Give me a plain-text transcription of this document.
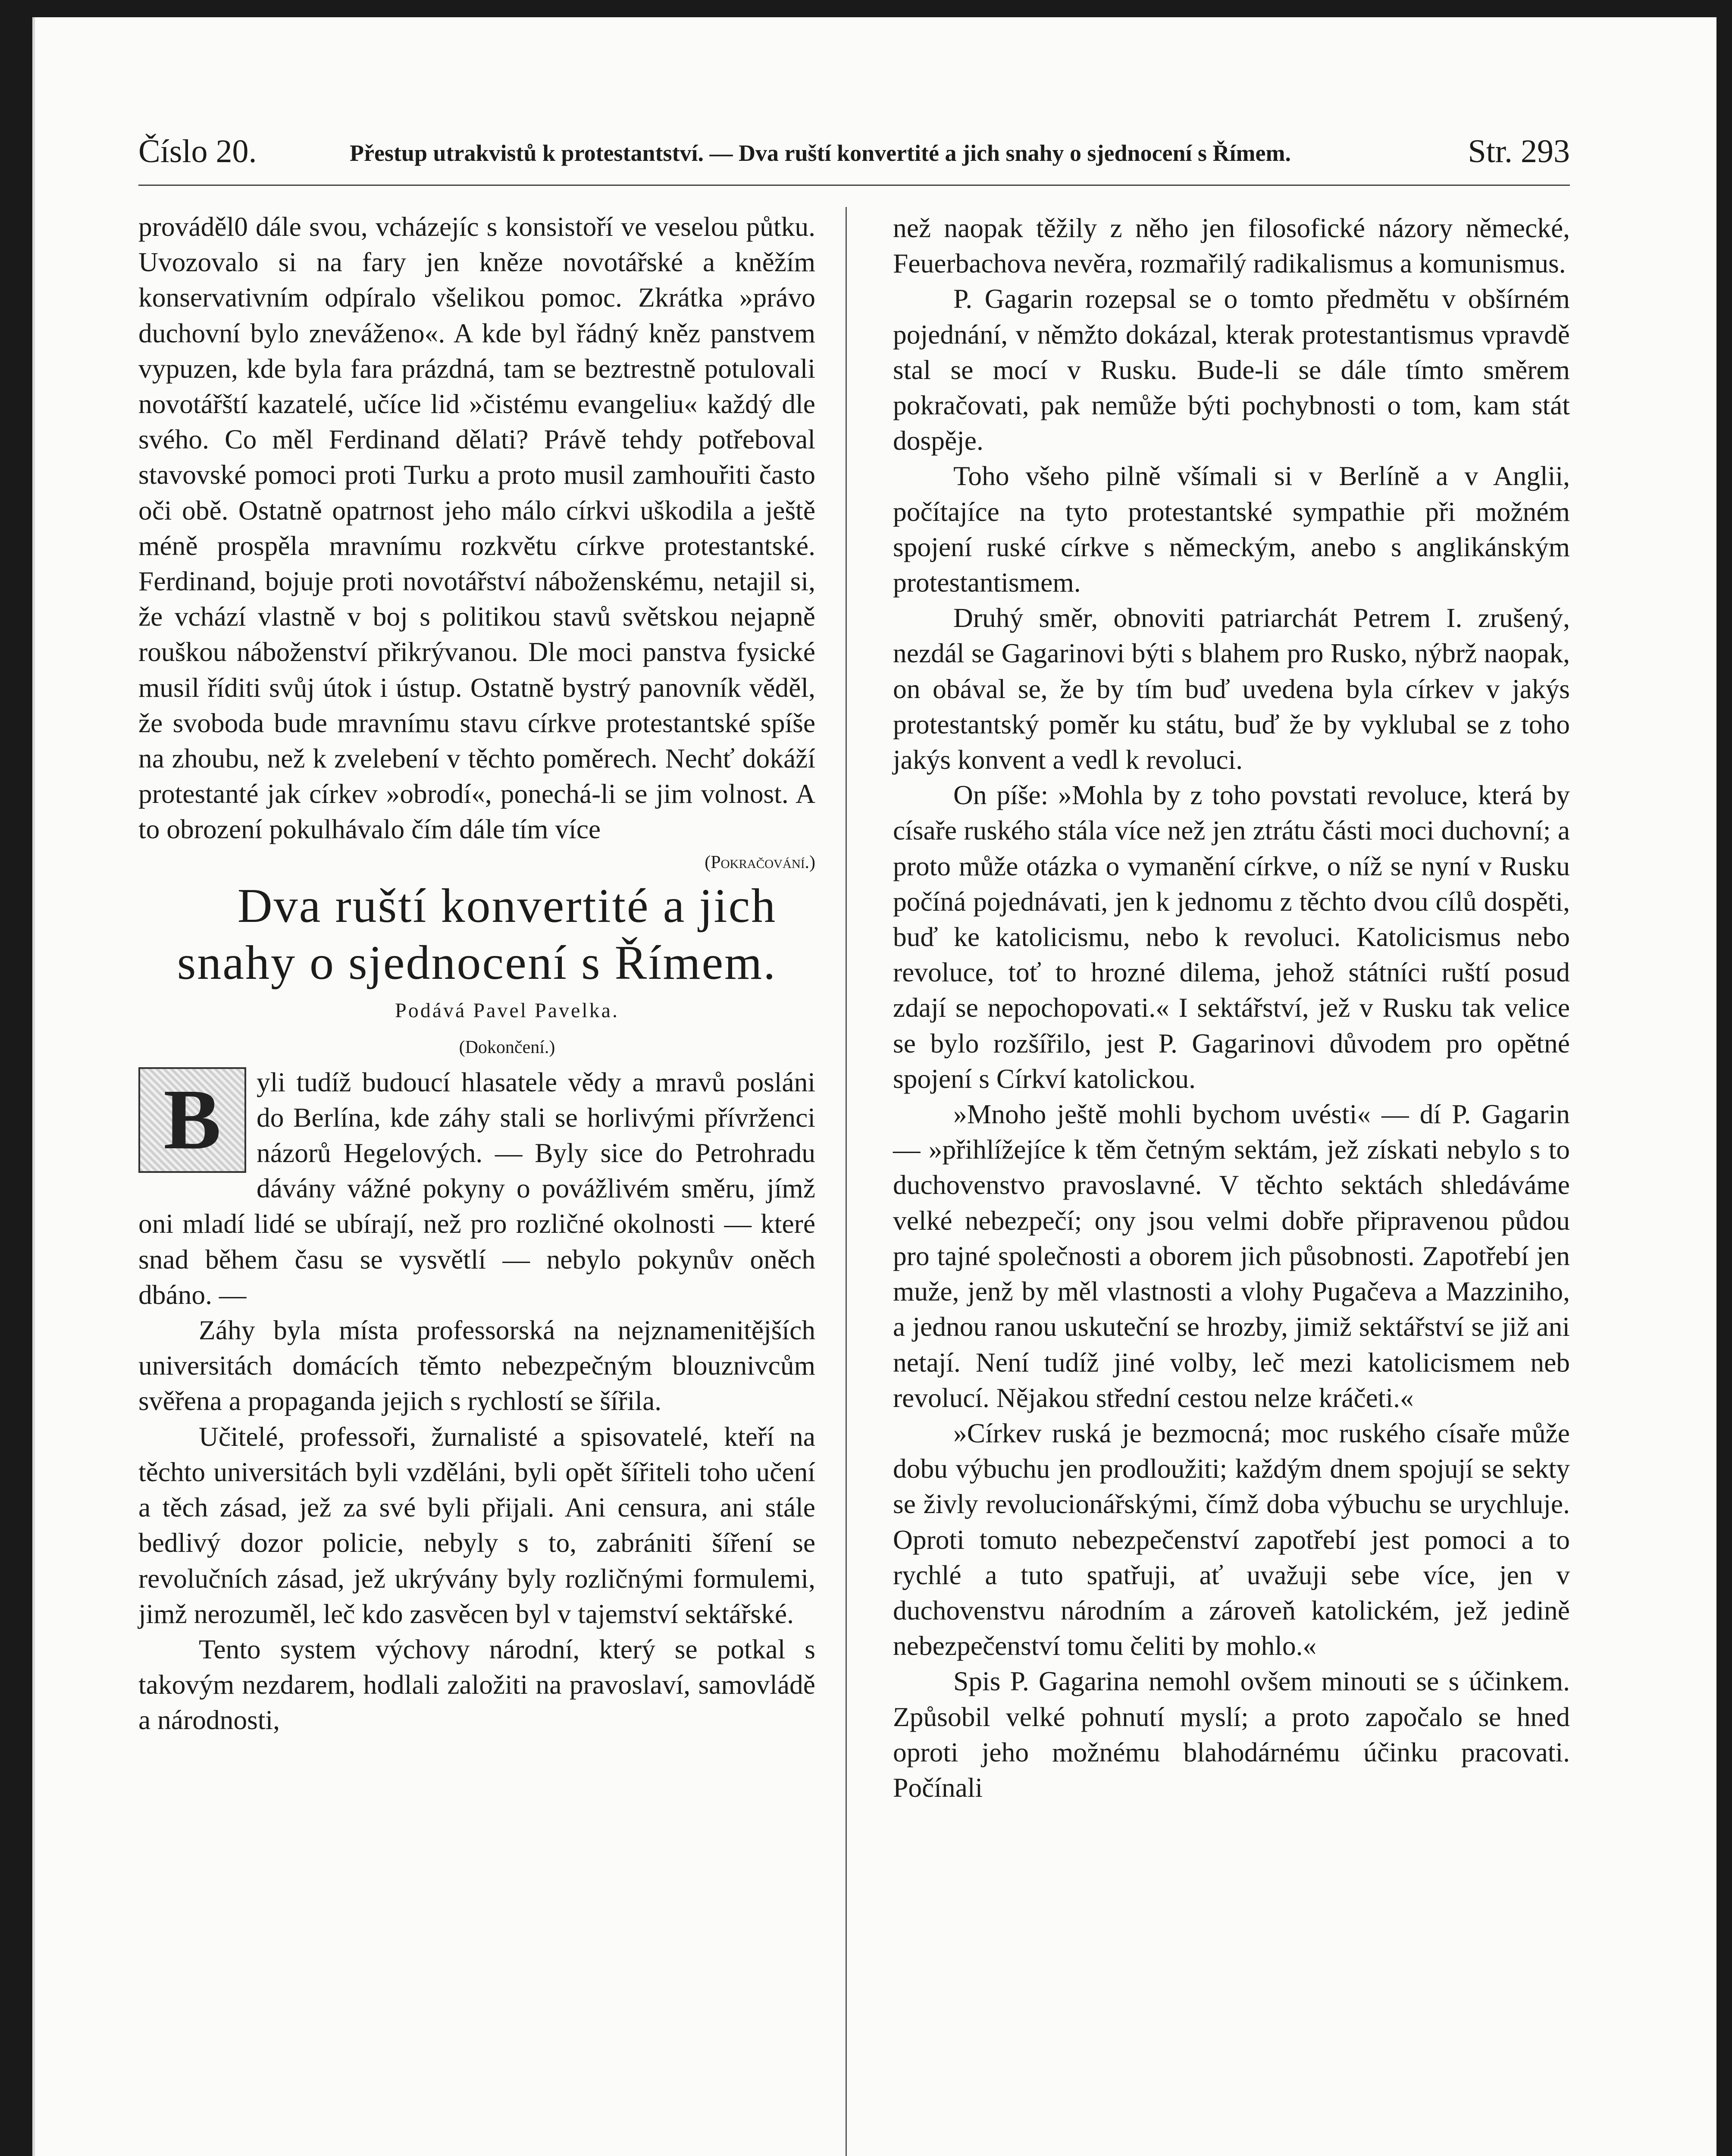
Číslo 20.	Přestup utrakvistů k protestantství. — Dva ruští konvertité a jich snahy o sjednocení s Římem.	Str. 293

prováděl0 dále svou, vcházejíc s konsistoří ve veselou půtku. Uvozovalo si na fary jen kněze novotářské a kněžím konservativním odpíralo všelikou pomoc. Zkrátka »právo duchovní bylo zneváženo«. A kde byl řádný kněz panstvem vypuzen, kde byla fara prázdná, tam se beztrestně potulovali novotářští kazatelé, učíce lid »čistému evangeliu« každý dle svého. Co měl Ferdinand dělati? Právě tehdy potřeboval stavovské pomoci proti Turku a proto musil zamhouřiti často oči obě. Ostatně opatrnost jeho málo církvi uškodila a ještě méně prospěla mravnímu rozkvětu církve protestantské. Ferdinand, bojuje proti novotářství náboženskému, netajil si, že vchází vlastně v boj s politikou stavů světskou nejapně rouškou náboženství přikrývanou. Dle moci panstva fysické musil říditi svůj útok i ústup. Ostatně bystrý panovník věděl, že svoboda bude mravnímu stavu církve protestantské spíše na zhoubu, než k zvelebení v těchto poměrech. Nechť dokáží protestanté jak církev »obrodí«, ponechá-li se jim volnost. A to obrození pokulhávalo čím dále tím více

(Pokračování.)

Dva ruští konvertité a jich snahy o sjednocení s Římem.

Podává Pavel Pavelka.

(Dokončení.)

B	yli tudíž budoucí hlasatele vědy a mravů posláni do Berlína, kde záhy stali se horlivými přívrženci názorů Hegelových. — Byly sice do Petrohradu dávány vážné pokyny o povážlivém směru, jímž oni mladí lidé se ubírají, než pro rozličné okolnosti — které snad během času se vysvětlí — nebylo pokynův oněch dbáno. —

Záhy byla místa professorská na nejznamenitějších universitách domácích těmto nebezpečným blouznivcům svěřena a propaganda jejich s rychlostí se šířila.

Učitelé, professoři, žurnalisté a spisovatelé, kteří na těchto universitách byli vzděláni, byli opět šířiteli toho učení a těch zásad, jež za své byli přijali. Ani censura, ani stále bedlivý dozor policie, nebyly s to, zabrániti šíření se revolučních zásad, jež ukrývány byly rozličnými formulemi, jimž nerozuměl, leč kdo zasvěcen byl v tajemství sektářské.

Tento system výchovy národní, který se potkal s takovým nezdarem, hodlali založiti na pravoslaví, samovládě a národnosti,

než naopak těžily z něho jen filosofické názory německé, Feuerbachova nevěra, rozmařilý radikalismus a komunismus.

P. Gagarin rozepsal se o tomto předmětu v obšírném pojednání, v němžto dokázal, kterak protestantismus vpravdě stal se mocí v Rusku. Bude-li se dále tímto směrem pokračovati, pak nemůže býti pochybnosti o tom, kam stát dospěje.

Toho všeho pilně všímali si v Berlíně a v Anglii, počítajíce na tyto protestantské sympathie při možném spojení ruské církve s německým, anebo s anglikánským protestantismem.

Druhý směr, obnoviti patriarchát Petrem I. zrušený, nezdál se Gagarinovi býti s blahem pro Rusko, nýbrž naopak, on obával se, že by tím buď uvedena byla církev v jakýs protestantský poměr ku státu, buď že by vyklubal se z toho jakýs konvent a vedl k revoluci.

On píše: »Mohla by z toho povstati revoluce, která by císaře ruského stála více než jen ztrátu části moci duchovní; a proto může otázka o vymanění církve, o níž se nyní v Rusku počíná pojednávati, jen k jednomu z těchto dvou cílů dospěti, buď ke katolicismu, nebo k revoluci. Katolicismus nebo revoluce, toť to hrozné dilema, jehož státníci ruští posud zdají se nepochopovati.« I sektářství, jež v Rusku tak velice se bylo rozšířilo, jest P. Gagarinovi důvodem pro opětné spojení s Církví katolickou.

»Mnoho ještě mohli bychom uvésti« — dí P. Gagarin — »přihlížejíce k těm četným sektám, jež získati nebylo s to duchovenstvo pravoslavné. V těchto sektách shledáváme velké nebezpečí; ony jsou velmi dobře připravenou půdou pro tajné společnosti a oborem jich působnosti. Zapotřebí jen muže, jenž by měl vlastnosti a vlohy Pugačeva a Mazziniho, a jednou ranou uskuteční se hrozby, jimiž sektářství se již ani netají. Není tudíž jiné volby, leč mezi katolicismem neb revolucí. Nějakou střední cestou nelze kráčeti.«

»Církev ruská je bezmocná; moc ruského císaře může dobu výbuchu jen prodloužiti; každým dnem spojují se sekty se živly revolucionářskými, čímž doba výbuchu se urychluje. Oproti tomuto nebezpečenství zapotřebí jest pomoci a to rychlé a tuto spatřuji, ať uvažuji sebe více, jen v duchovenstvu národním a zároveň katolickém, jež jedině nebezpečenství tomu čeliti by mohlo.«

Spis P. Gagarina nemohl ovšem minouti se s účinkem. Způsobil velké pohnutí myslí; a proto započalo se hned oproti jeho možnému blahodárnému účinku pracovati. Počínali
